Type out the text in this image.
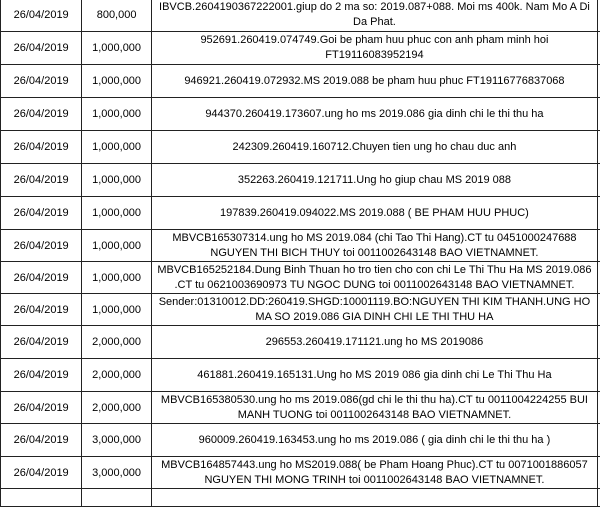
26/04/2019	800,000	IBVCB.2604190367222001.giup do 2 ma so: 2019.087+088. Moi ms 400k. Nam Mo A Di Da Phat.	
26/04/2019	1,000,000	952691.260419.074749.Goi be pham huu phuc con anh pham minh hoi FT19116083952194	
26/04/2019	1,000,000	946921.260419.072932.MS 2019.088 be pham huu phuc FT19116776837068	
26/04/2019	1,000,000	944370.260419.173607.ung ho ms 2019.086 gia dinh chi le thi thu ha	
26/04/2019	1,000,000	242309.260419.160712.Chuyen tien ung ho chau duc anh	
26/04/2019	1,000,000	352263.260419.121711.Ung ho giup chau MS 2019 088	
26/04/2019	1,000,000	197839.260419.094022.MS 2019.088 ( BE PHAM HUU PHUC)	
26/04/2019	1,000,000	MBVCB165307314.ung ho MS 2019.084 (chi Tao Thi Hang).CT tu 0451000247688 NGUYEN THI BICH THUY toi 0011002643148 BAO VIETNAMNET.	
26/04/2019	1,000,000	MBVCB165252184.Dung Binh Thuan ho tro tien cho con chi Le Thi Thu Ha MS 2019.086 .CT tu 0621003690973 TU NGOC DUNG toi 0011002643148 BAO VIETNAMNET.	
26/04/2019	1,000,000	Sender:01310012.DD:260419.SHGD:10001119.BO:NGUYEN THI KIM THANH.UNG HO MA SO 2019.086 GIA DINH CHI LE THI THU HA	
26/04/2019	2,000,000	296553.260419.171121.ung ho MS 2019086	
26/04/2019	2,000,000	461881.260419.165131.Ung ho MS 2019 086 gia dinh chi Le Thi Thu Ha	
26/04/2019	2,000,000	MBVCB165380530.ung ho ms 2019.086(gd chi le thi thu ha).CT tu 0011004224255 BUI MANH TUONG toi 0011002643148 BAO VIETNAMNET.	
26/04/2019	3,000,000	960009.260419.163453.ung ho ms 2019.086 ( gia dinh chi le thi thu ha )	
26/04/2019	3,000,000	MBVCB164857443.ung ho MS2019.088( be Pham Hoang Phuc).CT tu 0071001886057 NGUYEN THI MONG TRINH toi 0011002643148 BAO VIETNAMNET.	
